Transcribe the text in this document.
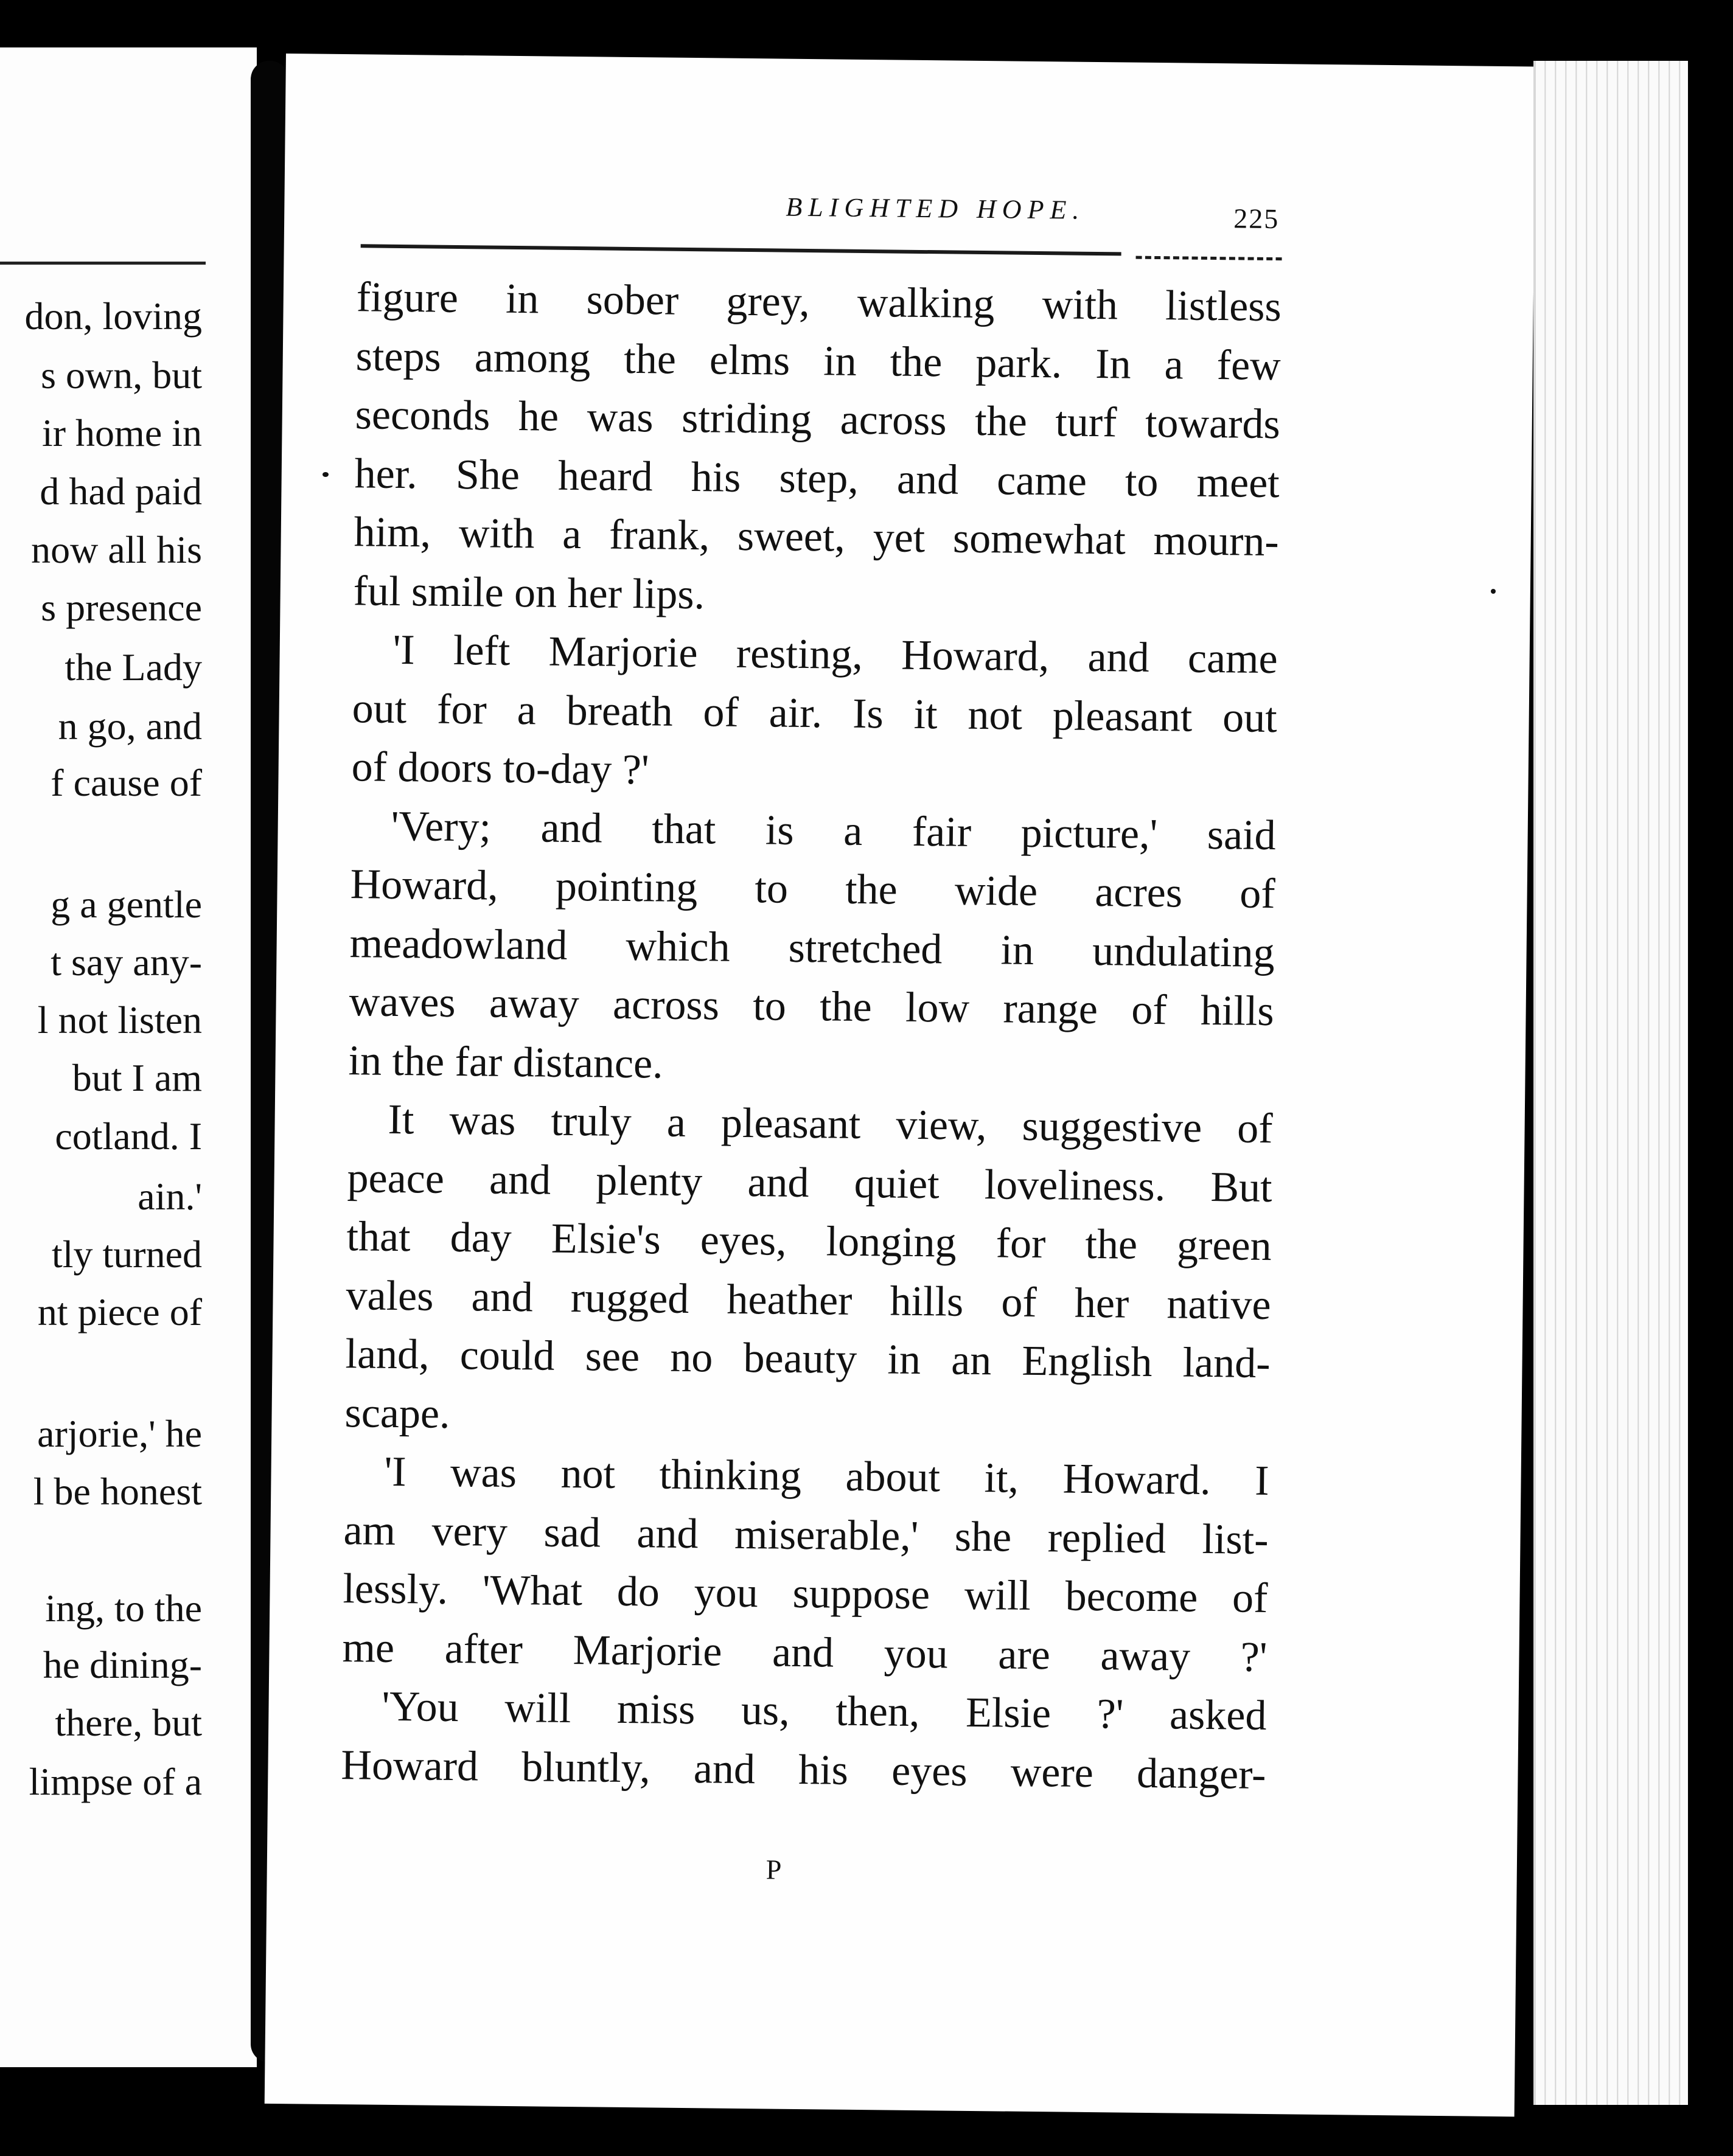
don, loving
s own, but
ir home in
d had paid
now all his
s presence
the Lady
n go, and
f cause of
g a gentle
t say any-
l not listen
but I am
cotland. I
ain.'
tly turned
nt piece of
arjorie,' he
l be honest
ing, to the
he dining-
there, but
limpse of a
BLIGHTED HOPE.	225
figure in sober grey, walking with listless
steps among the elms in the park. In a few
seconds he was striding across the turf towards
her. She heard his step, and came to meet
him, with a frank, sweet, yet somewhat mourn-
ful smile on her lips.
'I left Marjorie resting, Howard, and came
out for a breath of air. Is it not pleasant out
of doors to-day ?'
'Very; and that is a fair picture,' said
Howard, pointing to the wide acres of
meadowland which stretched in undulating
waves away across to the low range of hills
in the far distance.
It was truly a pleasant view, suggestive of
peace and plenty and quiet loveliness. But
that day Elsie's eyes, longing for the green
vales and rugged heather hills of her native
land, could see no beauty in an English land-
scape.
'I was not thinking about it, Howard. I
am very sad and miserable,' she replied list-
lessly. 'What do you suppose will become of
me after Marjorie and you are away ?'
'You will miss us, then, Elsie ?' asked
Howard bluntly, and his eyes were danger-
P
